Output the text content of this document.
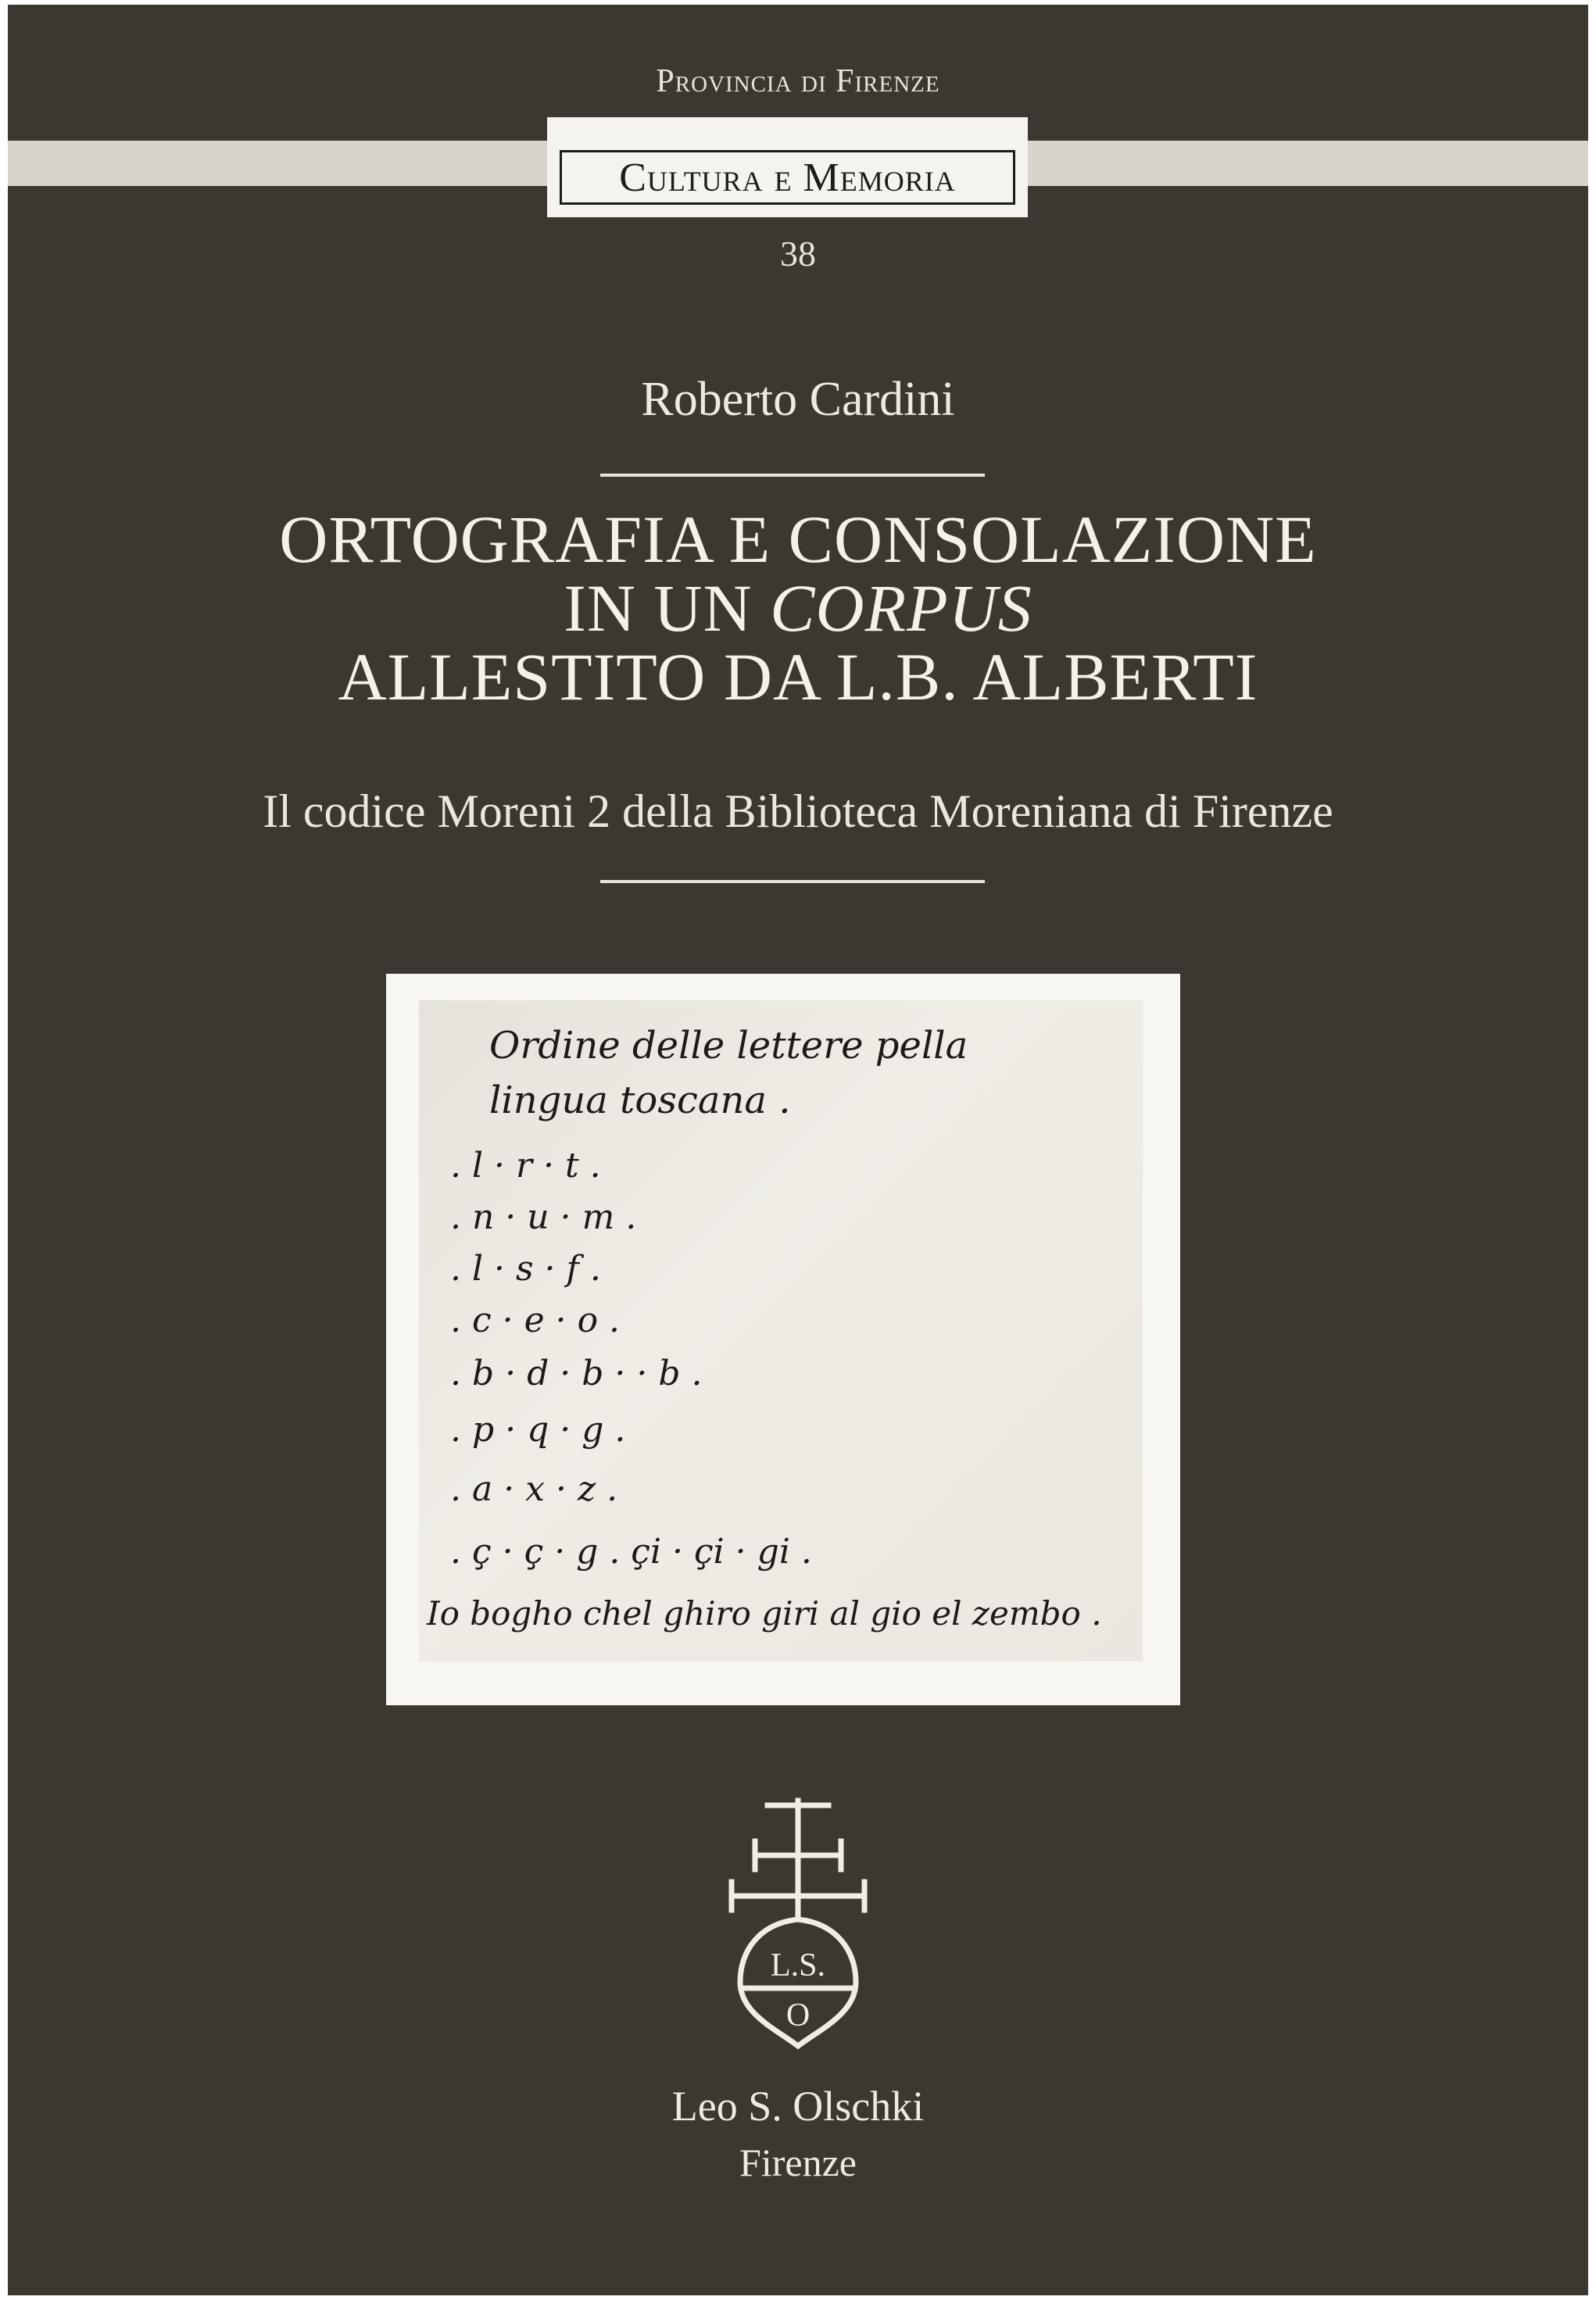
Provincia di Firenze
Cultura e Memoria
38
Roberto Cardini
ORTOGRAFIA E CONSOLAZIONE
IN UN CORPUS
ALLESTITO DA L.B. ALBERTI
Il codice Moreni 2 della Biblioteca Moreniana di Firenze
Ordine delle lettere pella
lingua toscana .
. l · r · t .
. n · u · m .
. l · s · f .
. c · e · o .
. b · d · b · · b .
. p · q · g .
. a · x · z .
. ç · ç · g . çi · çi · gi .
Io bogho chel ghiro giri al gio el zembo .
L.S.
O
Leo S. Olschki
Firenze
